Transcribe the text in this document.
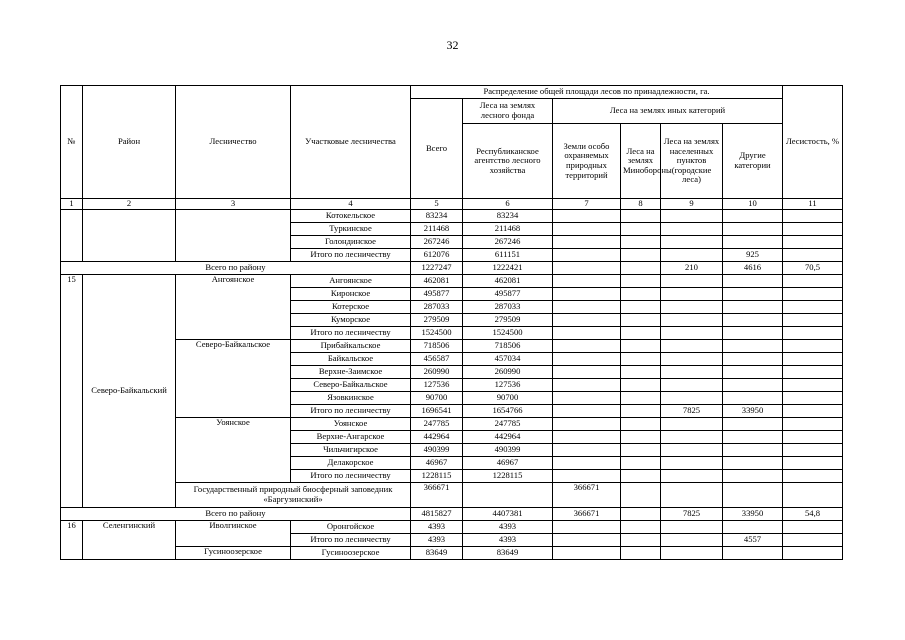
32
№	Район	Лесничество	Участковые лесничества	Распределение общей площади лесов по принадлежности, га.						Лесистость, %
				Всего	Леса на землях лесного фонда	Леса на землях иных категорий				
					Республиканское агентство лесного хозяйства	Земли особо охраняемых природных территорий	Леса на землях Минобороны	Леса на землях населенных пунктов (городские леса)	Другие категории	
1	2	3	4	5	6	7	8	9	10	11
			Котокельское	83234	83234					
			Туркинское	211468	211468					
			Голондинское	267246	267246					
			Итого по лесничеству	612076	611151				925	
Всего по району				1227247	1222421			210	4616	70,5
15	Северо-Байкальский	Ангоянское	Ангоянское	462081	462081					
			Киронское	495877	495877					
			Котерское	287033	287033					
			Куморское	279509	279509					
			Итого по лесничеству	1524500	1524500					
		Северо-Байкальское	Прибайкальское	718506	718506					
			Байкальское	456587	457034					
			Верхне-Заимское	260990	260990					
			Северо-Байкальское	127536	127536					
			Язовкинское	90700	90700					
			Итого по лесничеству	1696541	1654766			7825	33950	
		Уоянское	Уоянское	247785	247785					
			Верхне-Ангарское	442964	442964					
			Чильчигирское	490399	490399					
			Делакорское	46967	46967					
			Итого по лесничеству	1228115	1228115					
		Государственный природный биосферный заповедник «Баргузинский»		366671		366671				
Всего по району				4815827	4407381	366671		7825	33950	54,8
16	Селенгинский	Иволгинское	Оронгойское	4393	4393					
			Итого по лесничеству	4393	4393				4557	
		Гусиноозерское	Гусиноозерское	83649	83649					
